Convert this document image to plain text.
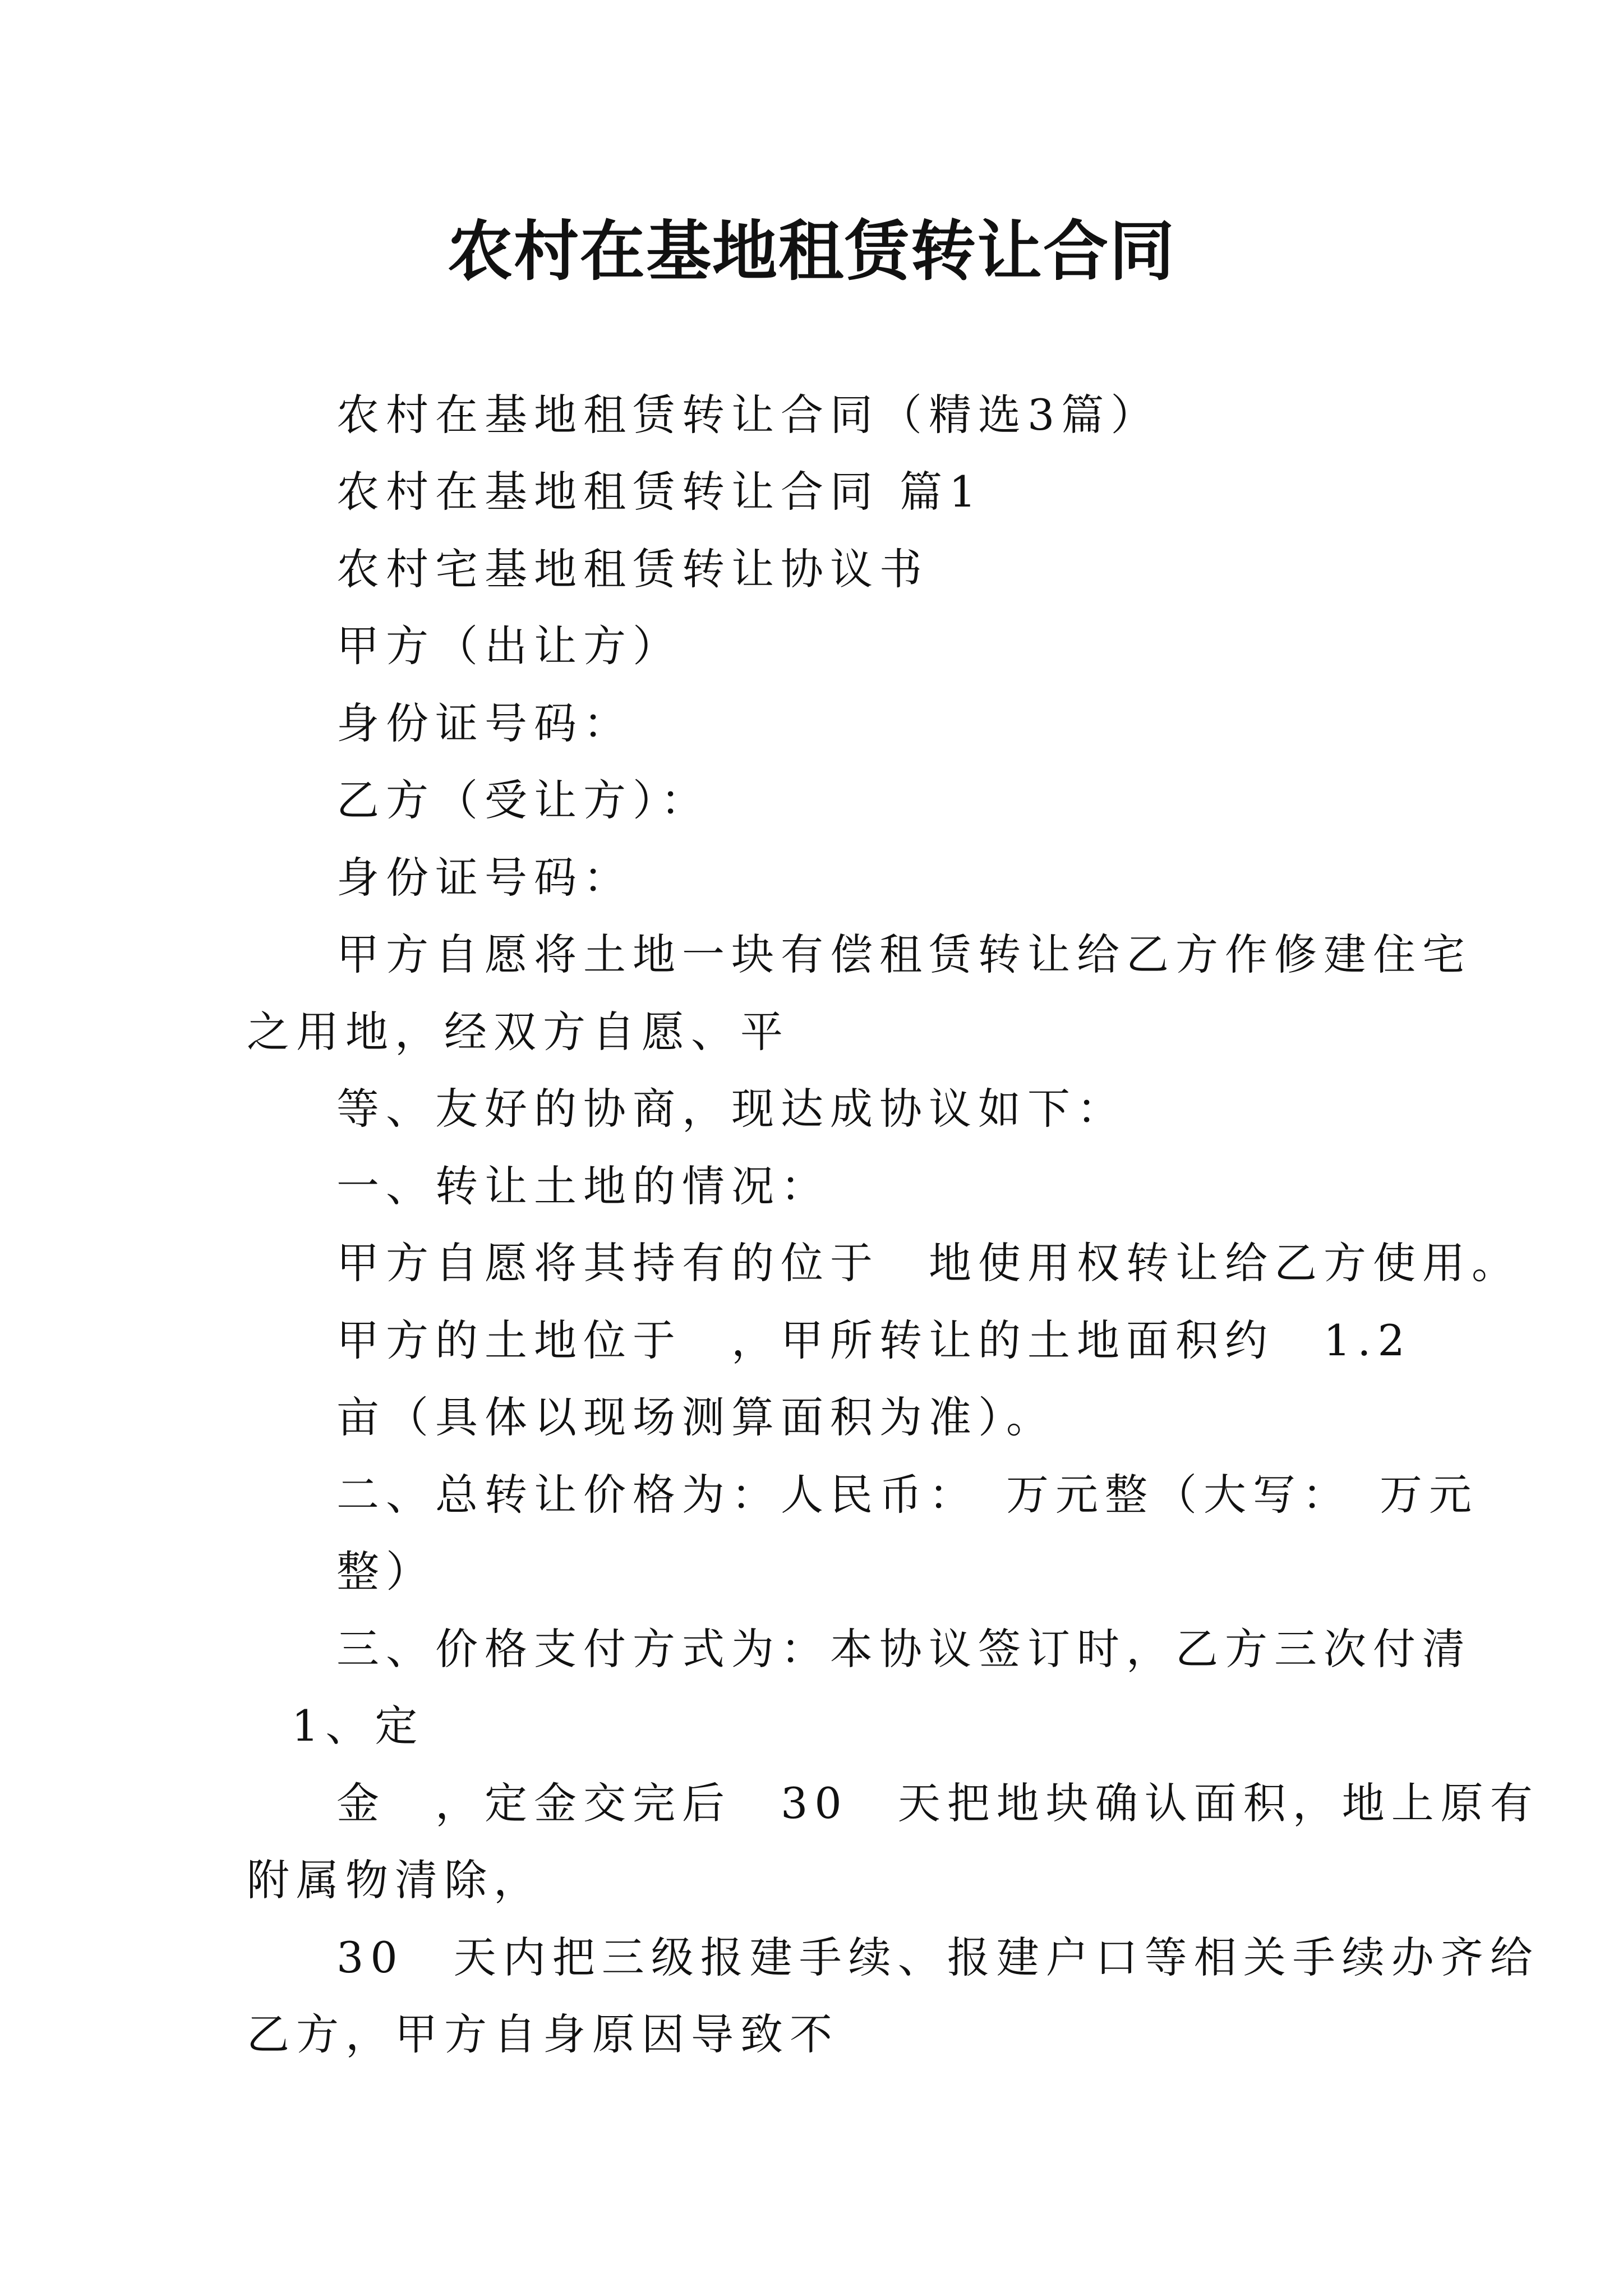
农村在基地租赁转让合同
农村在基地租赁转让合同（精选3篇）
农村在基地租赁转让合同 篇1
农村宅基地租赁转让协议书
甲方（出让方）
身份证号码：
乙方（受让方）：
身份证号码：
甲方自愿将土地一块有偿租赁转让给乙方作修建住宅
之用地，经双方自愿、平
等、友好的协商，现达成协议如下：
一、转让土地的情况：
甲方自愿将其持有的位于　地使用权转让给乙方使用。
甲方的土地位于　，甲所转让的土地面积约　1.2
亩（具体以现场测算面积为准）。
二、总转让价格为：人民币：　万元整（大写：　万元
整）
三、价格支付方式为：本协议签订时，乙方三次付清
1、定
金　，定金交完后　30　天把地块确认面积，地上原有
附属物清除，
30　天内把三级报建手续、报建户口等相关手续办齐给
乙方，甲方自身原因导致不
